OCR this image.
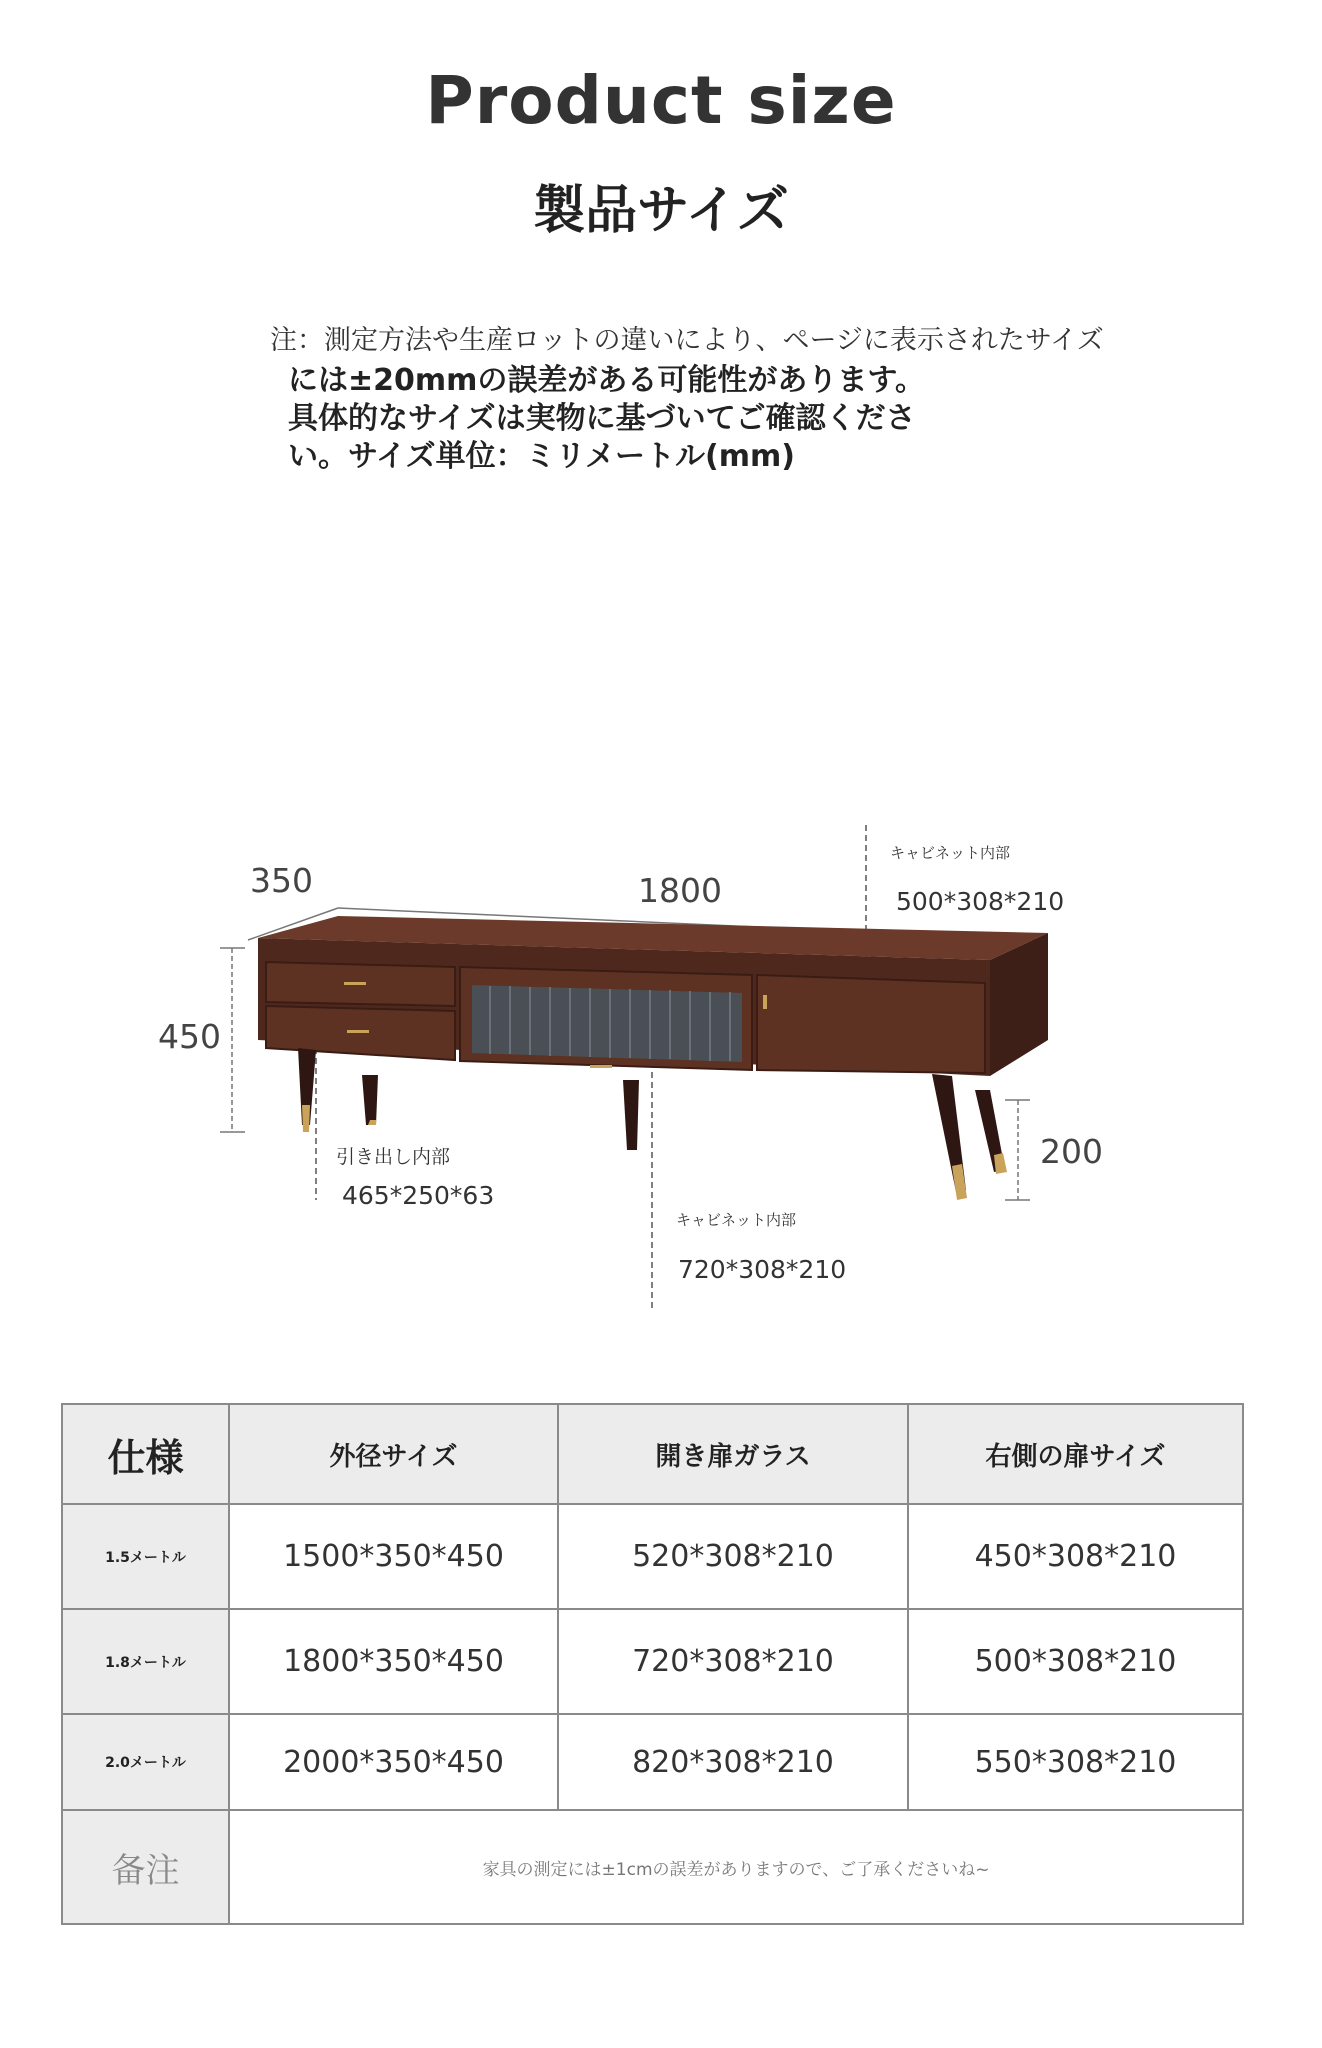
Product size
製品サイズ
注：測定方法や生産ロットの違いにより、ページに表示されたサイズ
には±20mmの誤差がある可能性があります。
具体的なサイズは実物に基づいてご確認くださ
い。サイズ単位：ミリメートル(mm)
350	1800
450
200
キャビネット内部
500*308*210
引き出し内部
465*250*63
キャビネット内部
720*308*210
仕様	外径サイズ	開き扉ガラス	右側の扉サイズ
1.5メートル	1500*350*450	520*308*210	450*308*210
1.8メートル	1800*350*450	720*308*210	500*308*210
2.0メートル	2000*350*450	820*308*210	550*308*210
备注	家具の測定には±1cmの誤差がありますので、ご了承くださいね~		
